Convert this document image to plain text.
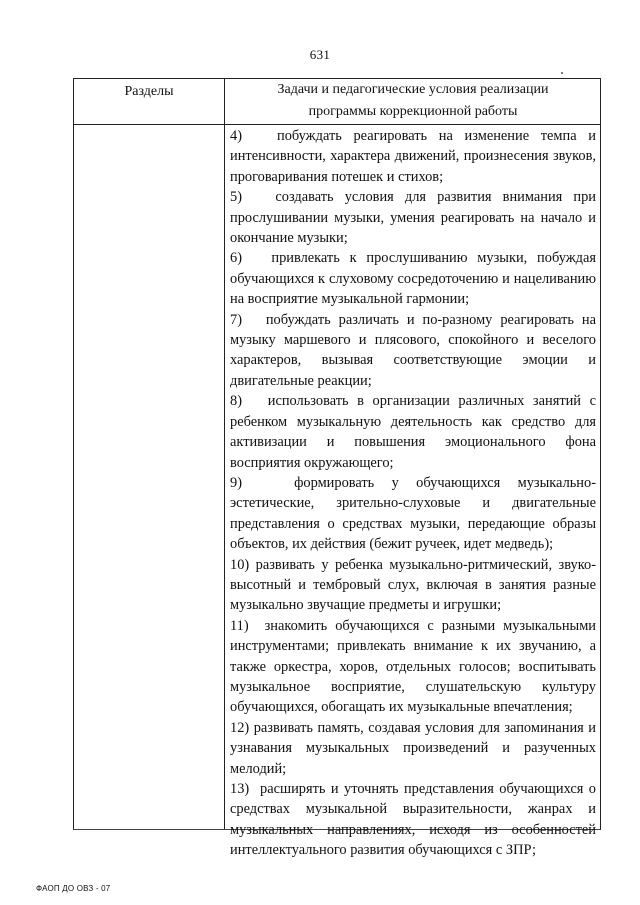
631
Разделы	Задачи и педагогические условия реализации
программы коррекционной работы

4)   побуждать реагировать на изменение темпа и интенсивности, характера движений, произнесения звуков, проговаривания потешек и стихов;

5)   создавать условия для развития внимания при прослушивании музыки, умения реагировать на начало и окончание музыки;

6)   привлекать к прослушиванию музыки, побуждая обучающихся к слуховому сосредоточению и нацеливанию на восприятие музыкальной гармонии;

7)   побуждать различать и по-разному реагировать на музыку маршевого и плясового, спокойного и веселого характеров, вызывая соответствующие эмоции и двигательные реакции;

8)   использовать в организации различных занятий с ребенком музыкальную деятельность как средство для активизации и повышения эмоционального фона восприятия окружающего;

9)   формировать у обучающихся музыкально-эстетические, зрительно-слуховые и двигательные представления о средствах музыки, передающие образы объектов, их действия (бежит ручеек, идет медведь);

10) развивать у ребенка музыкально-ритмический, звуко-высотный и тембровый слух, включая в занятия разные музыкально звучащие предметы и игрушки;

11)  знакомить обучающихся с разными музыкальными инструментами; привлекать внимание к их звучанию, а также оркестра, хоров, отдельных голосов; воспитывать музыкальное восприятие, слушательскую культуру обучающихся, обогащать их музыкальные впечатления;

12) развивать память, создавая условия для запоминания и узнавания музыкальных произведений и разученных мелодий;

13)  расширять и уточнять представления обучающихся о средствах музыкальной выразительности, жанрах и музыкальных направлениях, исходя из особенностей интеллектуального развития обучающихся с ЗПР;

ФАОП ДО ОВЗ - 07
